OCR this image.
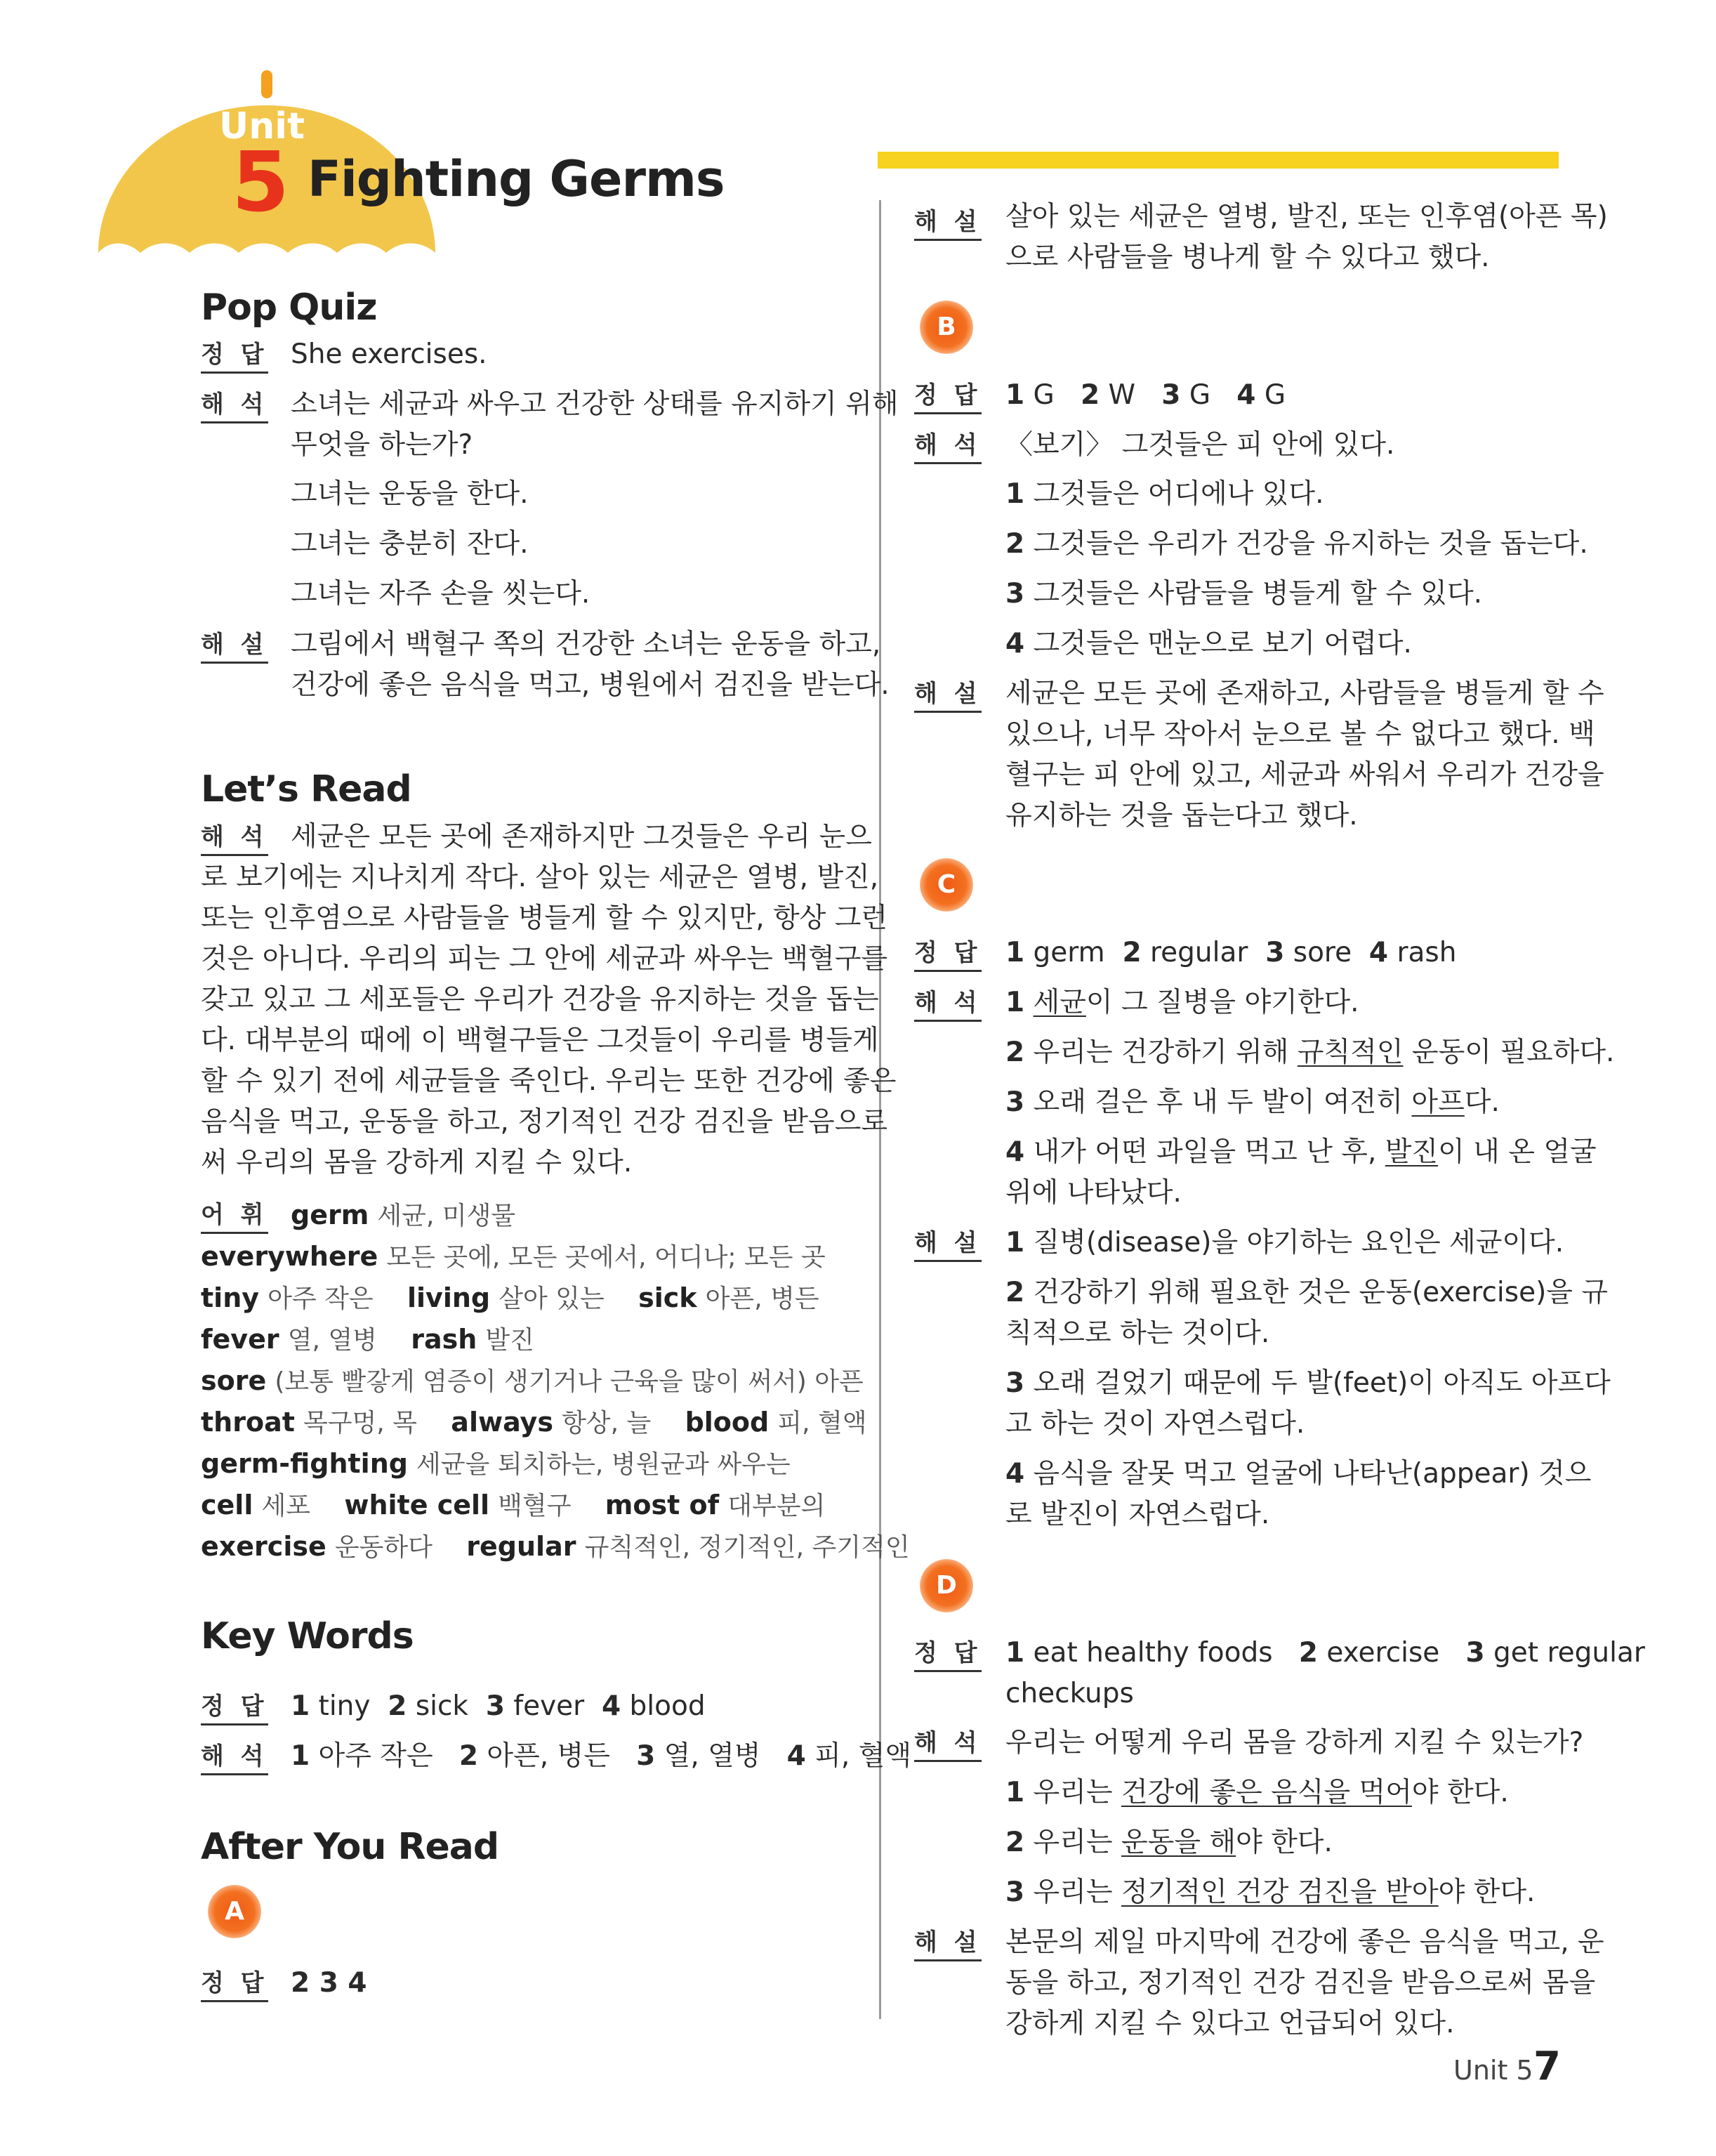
Unit
5 Fighting Germs
Pop Quiz
정 답 She exercises.
해 석 소녀는 세균과 싸우고 건강한 상태를 유지하기 위해
무엇을 하는가?
그녀는 운동을 한다.
그녀는 충분히 잔다.
그녀는 자주 손을 씻는다.
해 설 그림에서 백혈구 쪽의 건강한 소녀는 운동을 하고,
건강에 좋은 음식을 먹고, 병원에서 검진을 받는다.
Let’s Read
해 석 세균은 모든 곳에 존재하지만 그것들은 우리 눈으
로 보기에는 지나치게 작다. 살아 있는 세균은 열병, 발진,
또는 인후염으로 사람들을 병들게 할 수 있지만, 항상 그런
것은 아니다. 우리의 피는 그 안에 세균과 싸우는 백혈구를
갖고 있고 그 세포들은 우리가 건강을 유지하는 것을 돕는
다. 대부분의 때에 이 백혈구들은 그것들이 우리를 병들게
할 수 있기 전에 세균들을 죽인다. 우리는 또한 건강에 좋은
음식을 먹고, 운동을 하고, 정기적인 건강 검진을 받음으로
써 우리의 몸을 강하게 지킬 수 있다.
어 휘 germ 세균, 미생물
everywhere 모든 곳에, 모든 곳에서, 어디나; 모든 곳
tiny 아주 작은 living 살아 있는 sick 아픈, 병든
fever 열, 열병 rash 발진
sore (보통 빨갛게 염증이 생기거나 근육을 많이 써서) 아픈
throat 목구멍, 목 always 항상, 늘 blood 피, 혈액
germ-fighting 세균을 퇴치하는, 병원균과 싸우는
cell 세포 white cell 백혈구 most of 대부분의
exercise 운동하다 regular 규칙적인, 정기적인, 주기적인
Key Words
정 답 1 tiny 2 sick 3 fever 4 blood
해 석 1 아주 작은 2 아픈, 병든 3 열, 열병 4 피, 혈액
After You Read
A
정 답 2 3 4
해 설 살아 있는 세균은 열병, 발진, 또는 인후염(아픈 목)
으로 사람들을 병나게 할 수 있다고 했다.
B
정 답 1 G 2 W 3 G 4 G
해 석 〈보기〉 그것들은 피 안에 있다.
1 그것들은 어디에나 있다.
2 그것들은 우리가 건강을 유지하는 것을 돕는다.
3 그것들은 사람들을 병들게 할 수 있다.
4 그것들은 맨눈으로 보기 어렵다.
해 설 세균은 모든 곳에 존재하고, 사람들을 병들게 할 수
있으나, 너무 작아서 눈으로 볼 수 없다고 했다. 백
혈구는 피 안에 있고, 세균과 싸워서 우리가 건강을
유지하는 것을 돕는다고 했다.
C
정 답 1 germ 2 regular 3 sore 4 rash
해 석 1 세균이 그 질병을 야기한다.
2 우리는 건강하기 위해 규칙적인 운동이 필요하다.
3 오래 걸은 후 내 두 발이 여전히 아프다.
4 내가 어떤 과일을 먹고 난 후, 발진이 내 온 얼굴
위에 나타났다.
해 설 1 질병(disease)을 야기하는 요인은 세균이다.
2 건강하기 위해 필요한 것은 운동(exercise)을 규
칙적으로 하는 것이다.
3 오래 걸었기 때문에 두 발(feet)이 아직도 아프다
고 하는 것이 자연스럽다.
4 음식을 잘못 먹고 얼굴에 나타난(appear) 것으
로 발진이 자연스럽다.
D
정 답 1 eat healthy foods 2 exercise 3 get regular
checkups
해 석 우리는 어떻게 우리 몸을 강하게 지킬 수 있는가?
1 우리는 건강에 좋은 음식을 먹어야 한다.
2 우리는 운동을 해야 한다.
3 우리는 정기적인 건강 검진을 받아야 한다.
해 설 본문의 제일 마지막에 건강에 좋은 음식을 먹고, 운
동을 하고, 정기적인 건강 검진을 받음으로써 몸을
강하게 지킬 수 있다고 언급되어 있다.
Unit 5 7
